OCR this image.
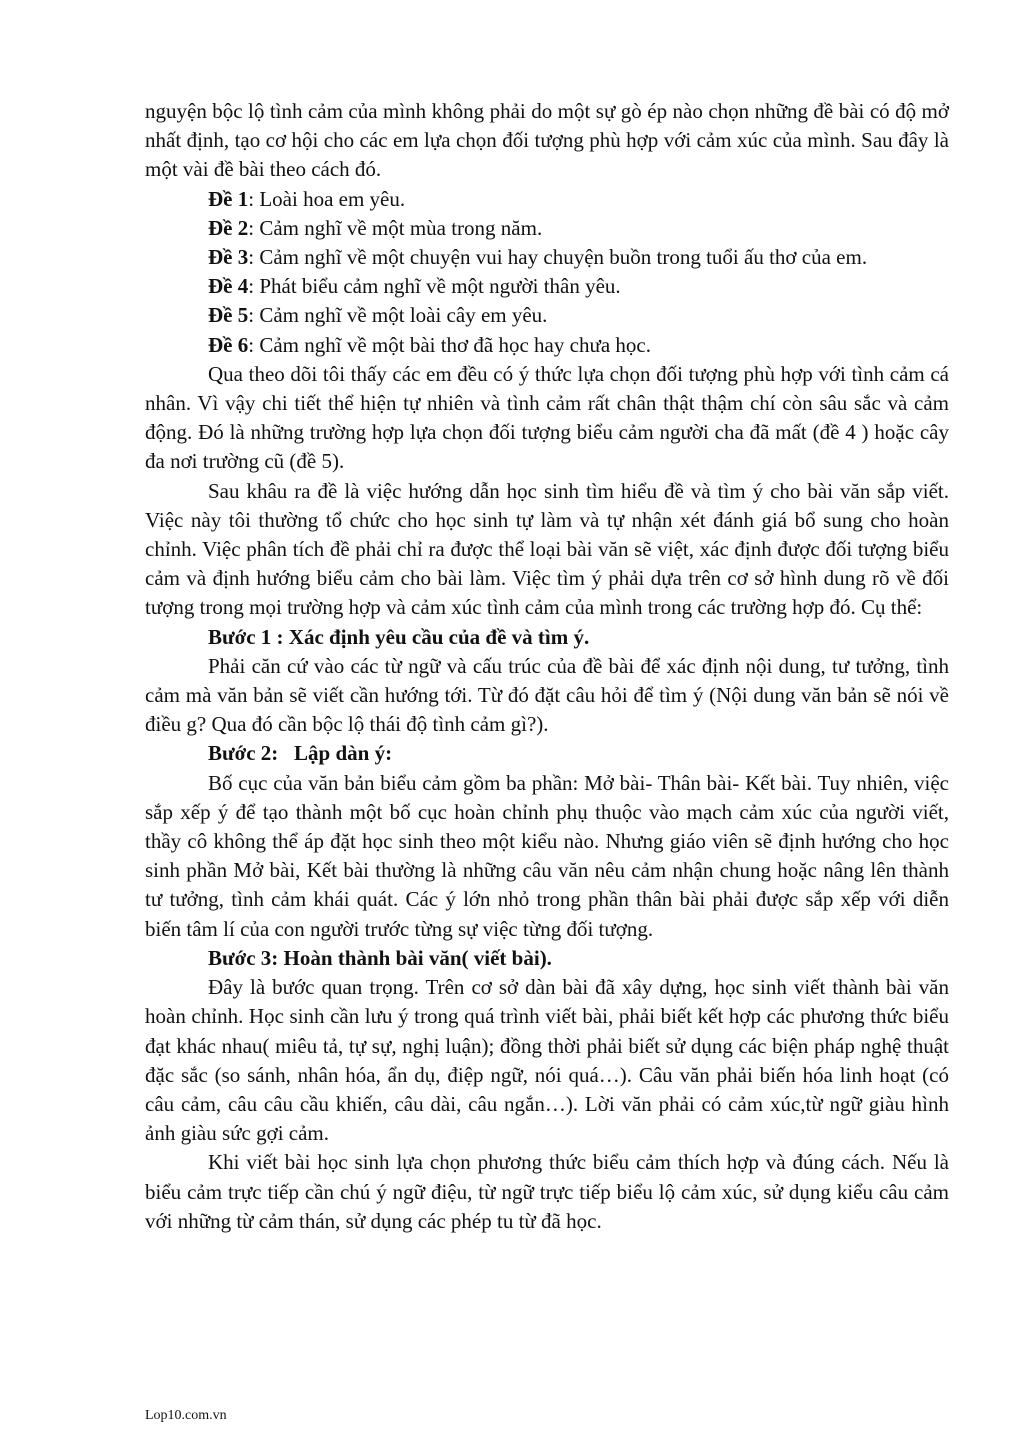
nguyện bộc lộ tình cảm của mình không phải do một sự gò ép nào chọn những đề bài có độ mở nhất định, tạo cơ hội cho các em lựa chọn đối tượng phù hợp với cảm xúc của mình. Sau đây là một vài đề bài theo cách đó.

Đề 1: Loài hoa em yêu.

Đề 2: Cảm nghĩ về một mùa trong năm.

Đề 3: Cảm nghĩ về một chuyện vui hay chuyện buồn trong tuổi ấu thơ của em.

Đề 4: Phát biểu cảm nghĩ về một người thân yêu.

Đề 5: Cảm nghĩ về một loài cây em yêu.

Đề 6: Cảm nghĩ về một bài thơ đã học hay chưa học.

Qua theo dõi tôi thấy các em đều có ý thức lựa chọn đối tượng phù hợp với tình cảm cá nhân. Vì vậy chi tiết thể hiện tự nhiên và tình cảm rất chân thật thậm chí còn sâu sắc và cảm động. Đó là những trường hợp lựa chọn đối tượng biểu cảm người cha đã mất (đề 4 ) hoặc cây đa nơi trường cũ (đề 5).

Sau khâu ra đề là việc hướng dẫn học sinh tìm hiểu đề và tìm ý cho bài văn sắp viết. Việc này tôi thường tổ chức cho học sinh tự làm và tự nhận xét đánh giá bổ sung cho hoàn chỉnh. Việc phân tích đề phải chỉ ra được thể loại bài văn sẽ việt, xác định được đối tượng biểu cảm và định hướng biểu cảm cho bài làm. Việc tìm ý phải dựa trên cơ sở hình dung rõ về đối tượng trong mọi trường hợp và cảm xúc tình cảm của mình trong các trường hợp đó. Cụ thể:

Bước 1 : Xác định yêu cầu của đề và tìm ý.

Phải căn cứ vào các từ ngữ và cấu trúc của đề bài để xác định nội dung, tư tưởng, tình cảm mà văn bản sẽ viết cần hướng tới. Từ đó đặt câu hỏi để tìm ý (Nội dung văn bản sẽ nói về điều g? Qua đó cần bộc lộ thái độ tình cảm gì?).

Bước 2:   Lập dàn ý:

Bố cục của văn bản biểu cảm gồm ba phần: Mở bài- Thân bài- Kết bài. Tuy nhiên, việc sắp xếp ý để tạo thành một bố cục hoàn chỉnh phụ thuộc vào mạch cảm xúc của người viết, thầy cô không thể áp đặt học sinh theo một kiểu nào. Nhưng giáo viên sẽ định hướng cho học sinh phần Mở bài, Kết bài thường là những câu văn nêu cảm nhận chung hoặc nâng lên thành tư tưởng, tình cảm khái quát. Các ý lớn nhỏ trong phần thân bài phải được sắp xếp với diễn biến tâm lí của con người trước từng sự việc từng đối tượng.

Bước 3: Hoàn thành bài văn( viết bài).

Đây là bước quan trọng. Trên cơ sở dàn bài đã xây dựng, học sinh viết thành bài văn hoàn chỉnh. Học sinh cần lưu ý trong quá trình viết bài, phải biết kết hợp các phương thức biểu đạt khác nhau( miêu tả, tự sự, nghị luận); đồng thời phải biết sử dụng các biện pháp nghệ thuật đặc sắc (so sánh, nhân hóa, ẩn dụ, điệp ngữ, nói quá…). Câu văn phải biến hóa linh hoạt (có câu cảm, câu câu cầu khiến, câu dài, câu ngắn…). Lời văn phải có cảm xúc,từ ngữ giàu hình ảnh giàu sức gợi cảm.

Khi viết bài học sinh lựa chọn phương thức biểu cảm thích hợp và đúng cách. Nếu là biểu cảm trực tiếp cần chú ý ngữ điệu, từ ngữ trực tiếp biểu lộ cảm xúc, sử dụng kiểu câu cảm với những từ cảm thán, sử dụng các phép tu từ đã học.

Lop10.com.vn
